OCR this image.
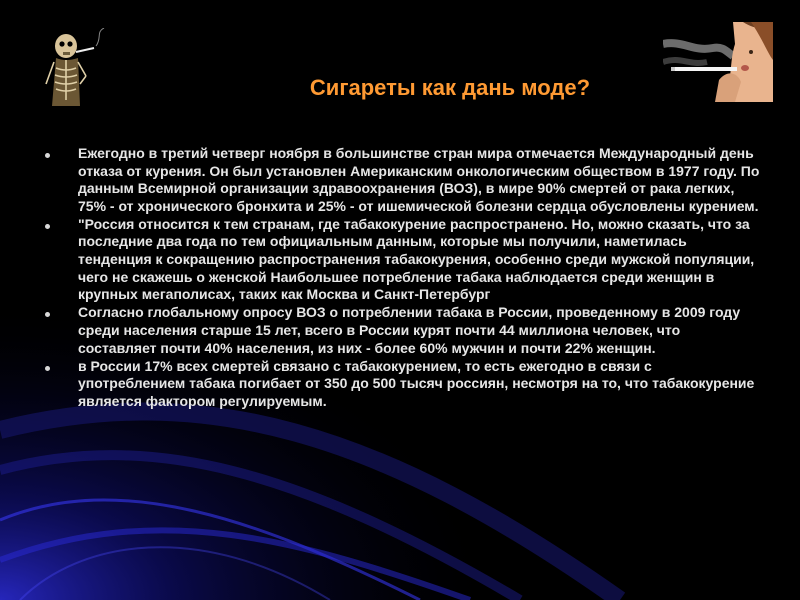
Сигареты как дань моде?
Ежегодно в третий четверг ноября в большинстве стран мира отмечается Международный день отказа от курения. Он был установлен Американским онкологическим обществом в 1977 году. По данным Всемирной организации здравоохранения (ВОЗ), в мире 90% смертей от рака легких, 75% - от хронического бронхита и 25% - от ишемической болезни сердца обусловлены курением.
"Россия относится к тем странам, где табакокурение распространено. Но, можно сказать, что за последние два года по тем официальным данным, которые мы получили, наметилась тенденция к сокращению распространения табакокурения, особенно среди мужской популяции, чего не скажешь о женской Наибольшее потребление табака наблюдается среди женщин в крупных мегаполисах, таких как Москва и Санкт-Петербург
Согласно глобальному опросу ВОЗ о потреблении табака в России, проведенному в 2009 году среди населения старше 15 лет, всего в России курят почти 44 миллиона человек, что составляет почти 40% населения, из них - более 60% мужчин и почти 22% женщин.
в России 17% всех смертей связано с табакокурением, то есть ежегодно в связи с употреблением табака погибает от 350 до 500 тысяч россиян, несмотря на то, что табакокурение является фактором регулируемым.
